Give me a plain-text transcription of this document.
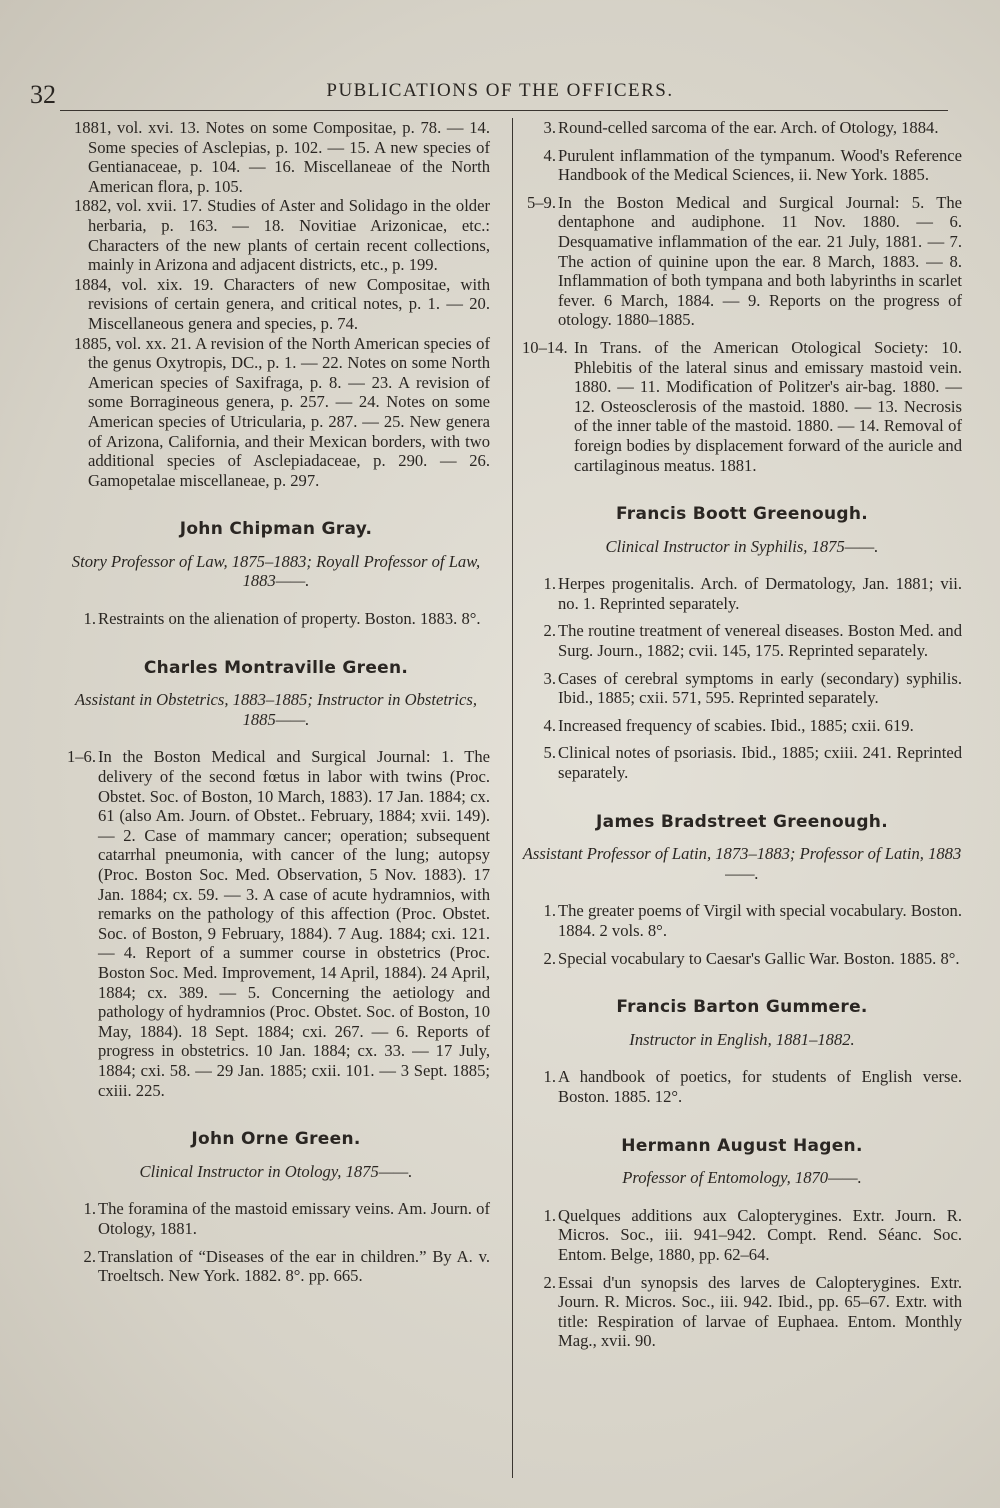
32	PUBLICATIONS OF THE OFFICERS.

1881, vol. xvi. 13. Notes on some Compositae, p. 78. — 14. Some species of Asclepias, p. 102. — 15. A new species of Gentianaceae, p. 104. — 16. Miscellaneae of the North American flora, p. 105.

1882, vol. xvii. 17. Studies of Aster and Solidago in the older herbaria, p. 163. — 18. Novitiae Arizonicae, etc.: Characters of the new plants of certain recent collections, mainly in Arizona and adjacent districts, etc., p. 199.

1884, vol. xix. 19. Characters of new Compositae, with revisions of certain genera, and critical notes, p. 1. — 20. Miscellaneous genera and species, p. 74.

1885, vol. xx. 21. A revision of the North American species of the genus Oxytropis, DC., p. 1. — 22. Notes on some North American species of Saxifraga, p. 8. — 23. A revision of some Borragineous genera, p. 257. — 24. Notes on some American species of Utricularia, p. 287. — 25. New genera of Arizona, California, and their Mexican borders, with two additional species of Asclepiadaceae, p. 290. — 26. Gamopetalae miscellaneae, p. 297.

John Chipman Gray.
Story Professor of Law, 1875–1883; Royall Professor of Law, 1883——.
1. Restraints on the alienation of property. Boston. 1883. 8°.
Charles Montraville Green.
Assistant in Obstetrics, 1883–1885; Instructor in Obstetrics, 1885——.
1–6. In the Boston Medical and Surgical Journal: 1. The delivery of the second fœtus in labor with twins (Proc. Obstet. Soc. of Boston, 10 March, 1883). 17 Jan. 1884; cx. 61 (also Am. Journ. of Obstet.. February, 1884; xvii. 149). — 2. Case of mammary cancer; operation; subsequent catarrhal pneumonia, with cancer of the lung; autopsy (Proc. Boston Soc. Med. Observation, 5 Nov. 1883). 17 Jan. 1884; cx. 59. — 3. A case of acute hydramnios, with remarks on the pathology of this affection (Proc. Obstet. Soc. of Boston, 9 February, 1884). 7 Aug. 1884; cxi. 121. — 4. Report of a summer course in obstetrics (Proc. Boston Soc. Med. Improvement, 14 April, 1884). 24 April, 1884; cx. 389. — 5. Concerning the aetiology and pathology of hydramnios (Proc. Obstet. Soc. of Boston, 10 May, 1884). 18 Sept. 1884; cxi. 267. — 6. Reports of progress in obstetrics. 10 Jan. 1884; cx. 33. — 17 July, 1884; cxi. 58. — 29 Jan. 1885; cxii. 101. — 3 Sept. 1885; cxiii. 225.
John Orne Green.
Clinical Instructor in Otology, 1875——.
1. The foramina of the mastoid emissary veins. Am. Journ. of Otology, 1881.
2. Translation of “Diseases of the ear in children.” By A. v. Troeltsch. New York. 1882. 8°. pp. 665.
3. Round-celled sarcoma of the ear. Arch. of Otology, 1884.
4. Purulent inflammation of the tympanum. Wood's Reference Handbook of the Medical Sciences, ii. New York. 1885.
5–9. In the Boston Medical and Surgical Journal: 5. The dentaphone and audiphone. 11 Nov. 1880. — 6. Desquamative inflammation of the ear. 21 July, 1881. — 7. The action of quinine upon the ear. 8 March, 1883. — 8. Inflammation of both tympana and both labyrinths in scarlet fever. 6 March, 1884. — 9. Reports on the progress of otology. 1880–1885.
10–14. In Trans. of the American Otological Society: 10. Phlebitis of the lateral sinus and emissary mastoid vein. 1880. — 11. Modification of Politzer's air-bag. 1880. — 12. Osteosclerosis of the mastoid. 1880. — 13. Necrosis of the inner table of the mastoid. 1880. — 14. Removal of foreign bodies by displacement forward of the auricle and cartilaginous meatus. 1881.
Francis Boott Greenough.
Clinical Instructor in Syphilis, 1875——.
1. Herpes progenitalis. Arch. of Dermatology, Jan. 1881; vii. no. 1. Reprinted separately.
2. The routine treatment of venereal diseases. Boston Med. and Surg. Journ., 1882; cvii. 145, 175. Reprinted separately.
3. Cases of cerebral symptoms in early (secondary) syphilis. Ibid., 1885; cxii. 571, 595. Reprinted separately.
4. Increased frequency of scabies. Ibid., 1885; cxii. 619.
5. Clinical notes of psoriasis. Ibid., 1885; cxiii. 241. Reprinted separately.
James Bradstreet Greenough.
Assistant Professor of Latin, 1873–1883; Professor of Latin, 1883——.
1. The greater poems of Virgil with special vocabulary. Boston. 1884. 2 vols. 8°.
2. Special vocabulary to Caesar's Gallic War. Boston. 1885. 8°.
Francis Barton Gummere.
Instructor in English, 1881–1882.
1. A handbook of poetics, for students of English verse. Boston. 1885. 12°.
Hermann August Hagen.
Professor of Entomology, 1870——.
1. Quelques additions aux Calopterygines. Extr. Journ. R. Micros. Soc., iii. 941–942. Compt. Rend. Séanc. Soc. Entom. Belge, 1880, pp. 62–64.
2. Essai d'un synopsis des larves de Calopterygines. Extr. Journ. R. Micros. Soc., iii. 942. Ibid., pp. 65–67. Extr. with title: Respiration of larvae of Euphaea. Entom. Monthly Mag., xvii. 90.
